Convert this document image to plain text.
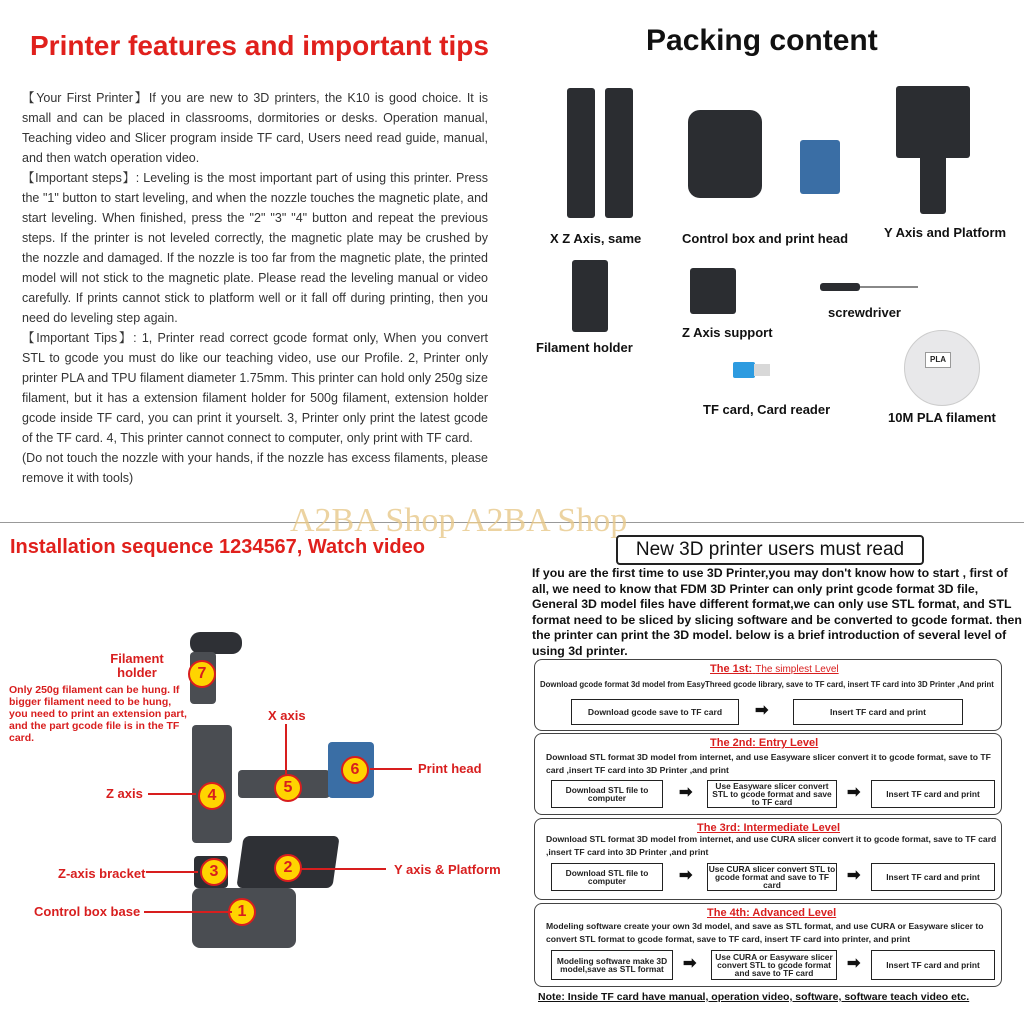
Printer features and important tips
【Your First Printer】If you are new to 3D printers, the K10 is good choice. It is small and can be placed in classrooms, dormitories or desks. Operation manual, Teaching video and Slicer program inside TF card, Users need read guide, manual, and then watch operation video.
【Important steps】: Leveling is the most important part of using this printer. Press the "1" button to start leveling, and when the nozzle touches the magnetic plate, and start leveling. When finished, press the "2" "3" "4" button and repeat the previous steps. If the printer is not leveled correctly, the magnetic plate may be crushed by the nozzle and damaged. If the nozzle is too far from the magnetic plate, the printed model will not stick to the magnetic plate. Please read the leveling manual or video carefully. If prints cannot stick to platform well or it fall off during printing, then you need do leveling step again.
【Important Tips】: 1, Printer read correct gcode format only, When you convert STL to gcode you must do like our teaching video, use our Profile. 2, Printer only printer PLA and TPU filament diameter 1.75mm. This printer can hold only 250g size filament, but it has a extension filament holder for 500g filament, extension holder gcode inside TF card, you can print it yourselt. 3, Printer only print the latest gcode of the TF card. 4, This printer cannot connect to computer, only print with TF card.
(Do not touch the nozzle with your hands, if the nozzle has excess filaments, please remove it with tools)
Packing content
X Z Axis, same	Control box and print head	Y Axis and Platform
Filament holder
Z Axis support
screwdriver
TF card, Card reader
PLA
10M PLA filament
A2BA Shop A2BA Shop
Installation sequence 1234567, Watch video
7
Filament holder
Only 250g filament can be hung. If bigger filament need to be hung, you need to print an extension part, and the part gcode file is in the TF card.
4
Z axis	5
X axis
6	Print head
3
Z-axis bracket	2	Y axis & Platform
1
Control box base
New 3D printer users must read
If you are the first time to use 3D Printer,you may don't know how to start , first of all, we need to know that FDM 3D Printer can only print gcode format 3D file, General 3D model files have different format,we can only use STL format, and STL format need to be sliced by slicing software and be converted to gcode format. then the printer can print the 3D model. below is a brief introduction of several level of using 3d printer.
The 1st: The simplest Level
Download gcode format 3d model from EasyThreed gcode library, save to TF card, insert TF card into 3D Printer ,And print
Download gcode save to TF card	➡	Insert TF card and print
The 2nd: Entry Level
Download STL format 3D model from internet, and use Easyware slicer convert it to gcode format, save to TF card ,insert TF card into 3D Printer ,and print
Download STL file to computer	➡	Use Easyware slicer convert STL to gcode format and save to TF card
➡	Insert TF card and print
The 3rd: Intermediate Level
Download STL format 3D model from internet, and use CURA slicer convert it to gcode format, save to TF card ,insert TF card into 3D Printer ,and print
Download STL file to computer	➡ Use CURA slicer convert STL to gcode format and save to TF card
➡	Insert TF card and print
The 4th: Advanced Level
Modeling software create your own 3d model, and save as STL format, and use CURA or Easyware slicer to convert STL format to gcode format, save to TF card, insert TF card into printer, and print
Modeling software make 3D model,save as STL format	➡	Use CURA or Easyware slicer convert STL to gcode format and save to TF card
➡	Insert TF card and print
Note: Inside TF card have manual, operation video, software, software teach video etc.
